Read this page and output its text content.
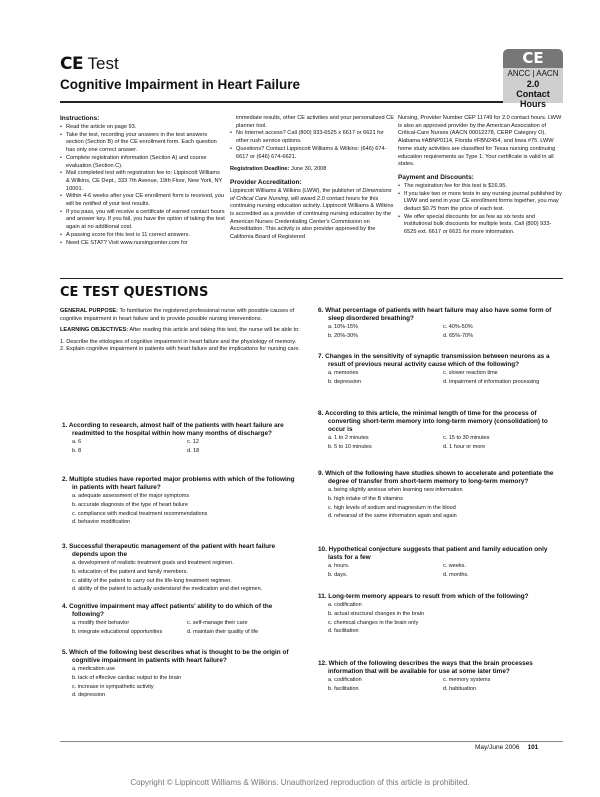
CE Test
Cognitive Impairment in Heart Failure
CE
ANCC | AACN
2.0
Contact Hours
Instructions:
• Read the article on page 93.
• Take the test, recording your answers in the test answers section (Section B) of the CE enrollment form. Each question has only one correct answer.
• Complete registration information (Section A) and course evaluation (Section C).
• Mail completed test with registration fee to: Lippincott Williams & Wilkins, CE Dept., 333 7th Avenue, 19th Floor, New York, NY 10001.
• Within 4-6 weeks after your CE enrollment form is received, you will be notified of your test results.
• If you pass, you will receive a certificate of earned contact hours and answer key. If you fail, you have the option of taking the test again at no additional cost.
• A passing score for this test is 11 correct answers.
• Need CE STAT? Visit www.nursingcenter.com for

immediate results, other CE activities and your personalized CE planner tool.

• No Internet access? Call (800) 933-6525 x 6617 or 6621 for other rush service options.
• Questions? Contact Lippincott Williams & Wilkins: (646) 674-6617 or (646) 674-6621.

Registration Deadline: June 30, 2008

Provider Accreditation:

Lippincott Williams & Wilkins (LWW), the publisher of Dimensions of Critical Care Nursing, will award 2.0 contact hours for this continuing nursing education activity. Lippincott Williams & Wilkins is accredited as a provider of continuing nursing education by the American Nurses Credentialing Center's Commission on Accreditation. This activity is also provider approved by the California Board of Registered

Nursing, Provider Number CEP 11749 for 2.0 contact hours. LWW is also an approved provider by the American Association of Critical-Care Nurses (AACN 00012278, CERP Category O), Alabama #ABNP0114, Florida #FBN2454, and Iowa #75. LWW home study activities are classified for Texas nursing continuing education requirements as Type 1. Your certificate is valid in all states.

Payment and Discounts:
• The registration fee for this test is $16.95.
• If you take two or more tests in any nursing journal published by LWW and send in your CE enrollment forms together, you may deduct $0.75 from the price of each test.
• We offer special discounts for as few as six tests and institutional bulk discounts for multiple tests. Call (800) 933-6525 ext. 6617 or 6621 for more information.
CE TEST QUESTIONS

GENERAL PURPOSE: To familiarize the registered professional nurse with possible causes of cognitive impairment in heart failure and to provide possible nursing interventions.

LEARNING OBJECTIVES: After reading this article and taking this test, the nurse will be able to:

1. Describe the etiologies of cognitive impairment in heart failure and the physiology of memory.
2. Explain cognitive impairment in patients with heart failure and the implications for nursing care.
1. According to research, almost half of the patients with heart failure are readmitted to the hospital within how many months of discharge?
a. 6	c. 12
b. 8	d. 18
2. Multiple studies have reported major problems with which of the following in patients with heart failure?
a. adequate assessment of the major symptoms
b. accurate diagnosis of the type of heart failure
c. compliance with medical treatment recommendations
d. behavior modification
3. Successful therapeutic management of the patient with heart failure depends upon the
a. development of realistic treatment goals and treatment regimen.
b. education of the patient and family members.
c. ability of the patient to carry out the life-long treatment regimen.
d. ability of the patient to actually understand the medication and diet regimen.
4. Cognitive impairment may affect patients' ability to do which of the following?
a. modify their behavior	c. self-manage their care
b. integrate educational opportunities	d. maintain their quality of life
5. Which of the following best describes what is thought to be the origin of cognitive impairment in patients with heart failure?
a. medication use
b. lack of effective cardiac output to the brain
c. increase in sympathetic activity
d. depression
6. What percentage of patients with heart failure may also have some form of sleep disordered breathing?
a. 10%-15%	c. 40%-50%
b. 20%-30%	d. 65%-70%
7. Changes in the sensitivity of synaptic transmission between neurons as a result of previous neural activity cause which of the following?
a. memories	c. slower reaction time
b. depression	d. impairment of information processing
8. According to this article, the minimal length of time for the process of converting short-term memory into long-term memory (consolidation) to occur is
a. 1 to 2 minutes	c. 15 to 30 minutes
b. 5 to 10 minutes	d. 1 hour or more
9. Which of the following have studies shown to accelerate and potentiate the degree of transfer from short-term memory to long-term memory?
a. being slightly anxious when learning new information
b. high intake of the B vitamins
c. high levels of sodium and magnesium in the blood
d. rehearsal of the same information again and again
10. Hypothetical conjecture suggests that patient and family education only lasts for a few
a. hours.	c. weeks.
b. days.	d. months.
11. Long-term memory appears to result from which of the following?
a. codification
b. actual structural changes in the brain
c. chemical changes in the brain only
d. facilitation
12. Which of the following describes the ways that the brain processes information that will be available for use at some later time?
a. codification	c. memory systems
b. facilitation	d. habituation
May/June 2006 101
Copyright © Lippincott Williams & Wilkins. Unauthorized reproduction of this article is prohibited.
